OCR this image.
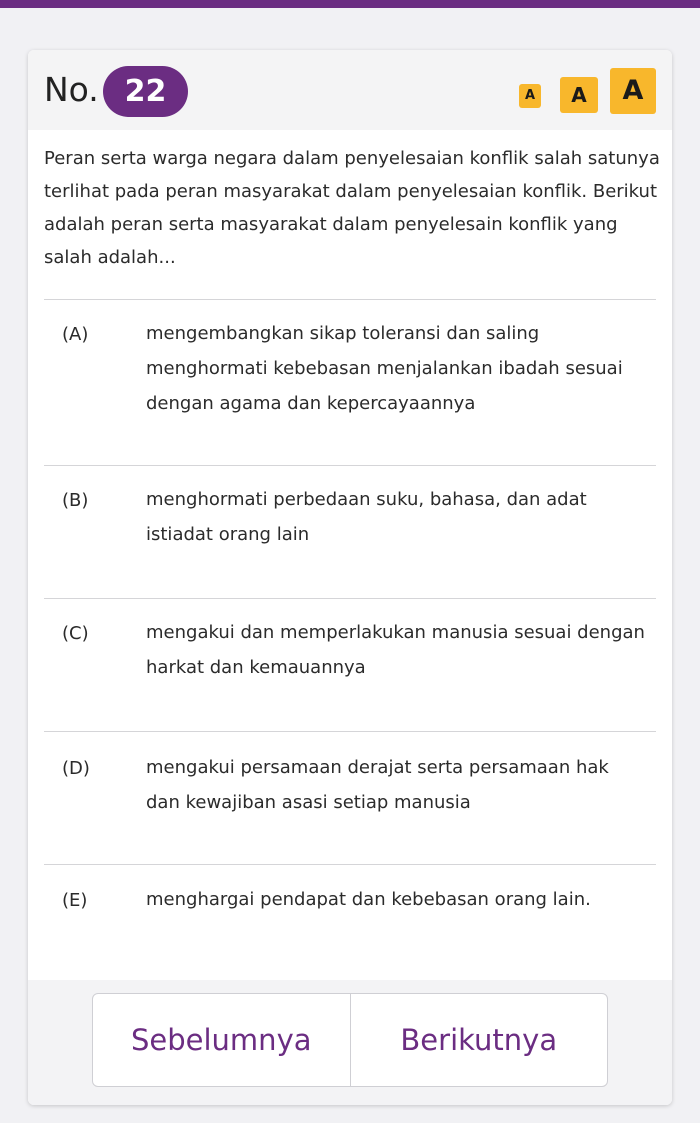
No. 22	A	A	A
Peran serta warga negara dalam penyelesaian konflik salah satunya terlihat pada peran masyarakat dalam penyelesaian konflik. Berikut adalah peran serta masyarakat dalam penyelesain konflik yang salah adalah...
(A)	mengembangkan sikap toleransi dan saling menghormati kebebasan menjalankan ibadah sesuai dengan agama dan kepercayaannya
(B)	menghormati perbedaan suku, bahasa, dan adat istiadat orang lain
(C)	mengakui dan memperlakukan manusia sesuai dengan harkat dan kemauannya
(D)	mengakui persamaan derajat serta persamaan hak dan kewajiban asasi setiap manusia
(E)	menghargai pendapat dan kebebasan orang lain.
Sebelumnya	Berikutnya
